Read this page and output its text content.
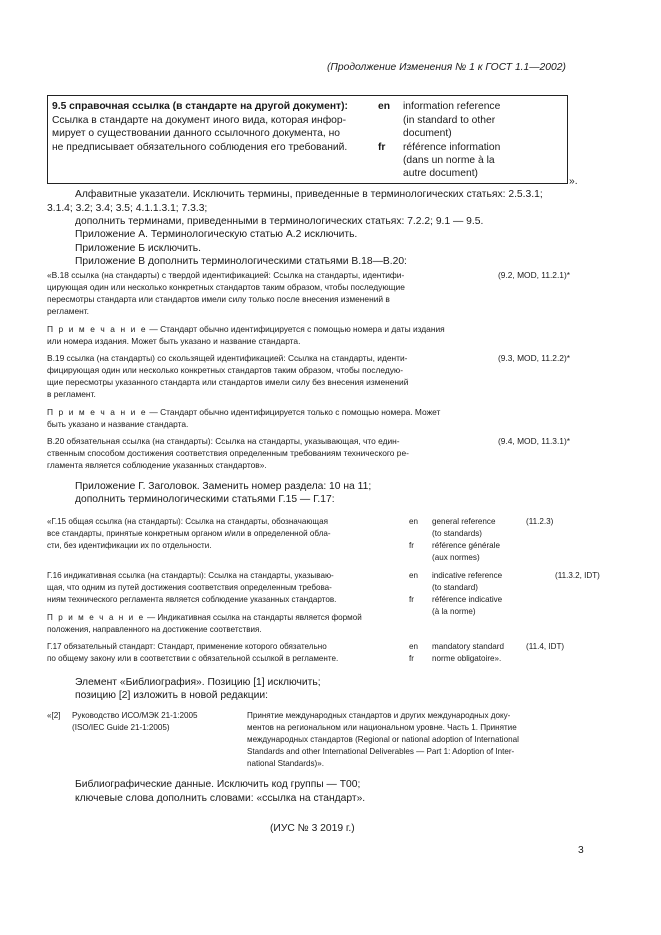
(Продолжение Изменения № 1 к ГОСТ 1.1—2002)
9.5 справочная ссылка (в стандарте на другой документ):
Ссылка в стандарте на документ иного вида, которая инфор-
мирует о существовании данного ссылочного документа, но
не предписывает обязательного соблюдения его требований.
en
fr
information reference
(in standard to other
document)
référence information
(dans un norme à la
autre document)
».
Алфавитные указатели. Исключить термины, приведенные в терминологических статьях: 2.5.3.1;
3.1.4; 3.2; 3.4; 3.5; 4.1.1.3.1; 7.3.3;
дополнить терминами, приведенными в терминологических статьях: 7.2.2; 9.1 — 9.5.
Приложение А. Терминологическую статью А.2 исключить.
Приложение Б исключить.
Приложение В дополнить терминологическими статьями В.18—В.20:
«В.18 ссылка (на стандарты) с твердой идентификацией: Ссылка на стандарты, идентифи-
цирующая один или несколько конкретных стандартов таким образом, чтобы последующие
пересмотры стандарта или стандартов имели силу только после внесения изменений в
регламент.
(9.2, MOD, 11.2.1)*
П р и м е ч а н и е — Стандарт обычно идентифицируется с помощью номера и даты издания
или номера издания. Может быть указано и название стандарта.
В.19 ссылка (на стандарты) со скользящей идентификацией: Ссылка на стандарты, иденти-
фицирующая один или несколько конкретных стандартов таким образом, чтобы последую-
щие пересмотры указанного стандарта или стандартов имели силу без внесения изменений
в регламент.
(9.3, MOD, 11.2.2)*
П р и м е ч а н и е — Стандарт обычно идентифицируется только с помощью номера. Может
быть указано и название стандарта.
В.20 обязательная ссылка (на стандарты): Ссылка на стандарты, указывающая, что един-
ственным способом достижения соответствия определенным требованиям технического ре-
гламента является соблюдение указанных стандартов».
(9.4, MOD, 11.3.1)*
Приложение Г. Заголовок. Заменить номер раздела: 10 на 11;
дополнить терминологическими статьями Г.15 — Г.17:
«Г.15 общая ссылка (на стандарты): Ссылка на стандарты, обозначающая
все стандарты, принятые конкретным органом и/или в определенной обла-
сти, без идентификации их по отдельности.
en
fr
general reference
(to standards)
référence générale
(aux normes)
(11.2.3)
Г.16 индикативная ссылка (на стандарты): Ссылка на стандарты, указываю-
щая, что одним из путей достижения соответствия определенным требова-
ниям технического регламента является соблюдение указанных стандартов.
en
fr
indicative reference
(to standard)
référence indicative
(à la norme)
(11.3.2, IDT)
П р и м е ч а н и е — Индикативная ссылка на стандарты является формой
положения, направленного на достижение соответствия.
Г.17 обязательный стандарт: Стандарт, применение которого обязательно
по общему закону или в соответствии с обязательной ссылкой в регламенте.
en
fr
mandatory standard
norme obligatoire».
(11.4, IDT)
Элемент «Библиография». Позицию [1] исключить;
позицию [2] изложить в новой редакции:
«[2] Руководство ИСО/МЭК 21-1:2005
(ISO/IEC Guide 21-1:2005)
Принятие международных стандартов и других международных доку-
ментов на региональном или национальном уровне. Часть 1. Принятие
международных стандартов (Regional or national adoption of International
Standards and other International Deliverables — Part 1: Adoption of Inter-
national Standards)».
Библиографические данные. Исключить код группы — Т00;
ключевые слова дополнить словами: «ссылка на стандарт».
(ИУС № 3 2019 г.)
3
